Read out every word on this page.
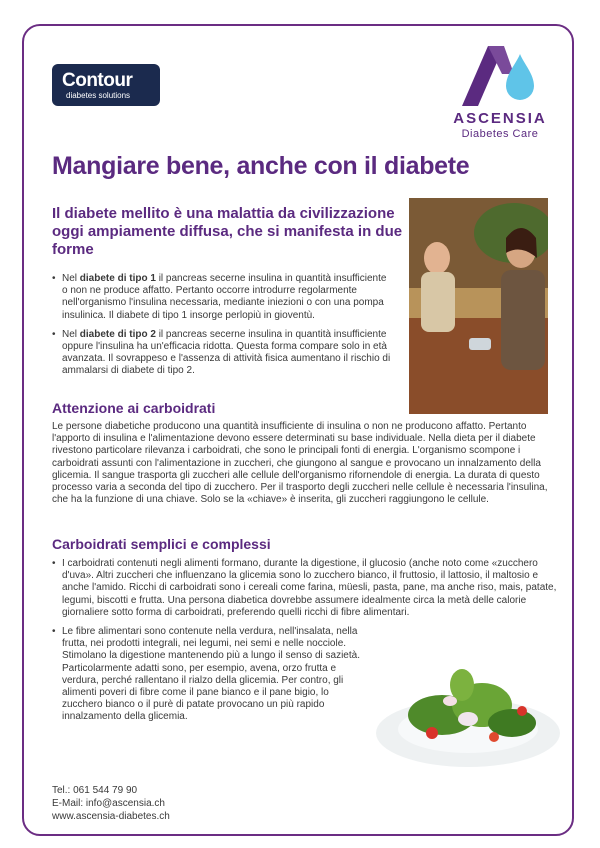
Contour
diabetes solutions
ASCENSIA
Diabetes Care
Mangiare bene, anche con il diabete

Il diabete mellito è una malattia da civilizzazione oggi ampiamente diffusa, che si manifesta in due forme

• Nel diabete di tipo 1 il pancreas secerne insulina in quantità insufficiente o non ne produce affatto. Pertanto occorre introdurre regolarmente nell'organismo l'insulina necessaria, mediante iniezioni o con una pompa insulinica. Il diabete di tipo 1 insorge perlopiù in gioventù.
• Nel diabete di tipo 2 il pancreas secerne insulina in quantità insufficiente oppure l'insulina ha un'efficacia ridotta. Questa forma compare solo in età avanzata. Il sovrappeso e l'assenza di attività fisica aumentano il rischio di ammalarsi di diabete di tipo 2.
Attenzione ai carboidrati

Le persone diabetiche producono una quantità insufficiente di insulina o non ne producono affatto. Pertanto l'apporto di insulina e l'alimentazione devono essere determinati su base individuale. Nella dieta per il diabete rivestono particolare rilevanza i carboidrati, che sono le principali fonti di energia. L'organismo scompone i carboidrati assunti con l'alimentazione in zuccheri, che giungono al sangue e provocano un innalzamento della glicemia. Il sangue trasporta gli zuccheri alle cellule dell'organismo rifornendole di energia. La durata di questo processo varia a seconda del tipo di zucchero. Per il trasporto degli zuccheri nelle cellule è necessaria l'insulina, che ha la funzione di una chiave. Solo se la «chiave» è inserita, gli zuccheri raggiungono le cellule.

Carboidrati semplici e complessi
• I carboidrati contenuti negli alimenti formano, durante la digestione, il glucosio (anche noto come «zucchero d'uva». Altri zuccheri che influenzano la glicemia sono lo zucchero bianco, il fruttosio, il lattosio, il maltosio e anche l'amido. Ricchi di carboidrati sono i cereali come farina, müesli, pasta, pane, ma anche riso, mais, patate, legumi, biscotti e frutta. Una persona diabetica dovrebbe assumere idealmente circa la metà delle calorie giornaliere sotto forma di carboidrati, preferendo quelli ricchi di fibre alimentari.
• Le fibre alimentari sono contenute nella verdura, nell'insalata, nella frutta, nei prodotti integrali, nei legumi, nei semi e nelle nocciole. Stimolano la digestione mantenendo più a lungo il senso di sazietà. Particolarmente adatti sono, per esempio, avena, orzo frutta e verdura, perché rallentano il rialzo della glicemia. Per contro, gli alimenti poveri di fibre come il pane bianco e il pane bigio, lo zucchero bianco o il purè di patate provocano un più rapido innalzamento della glicemia.
Tel.: 061 544 79 90
E-Mail: info@ascensia.ch
www.ascensia-diabetes.ch
